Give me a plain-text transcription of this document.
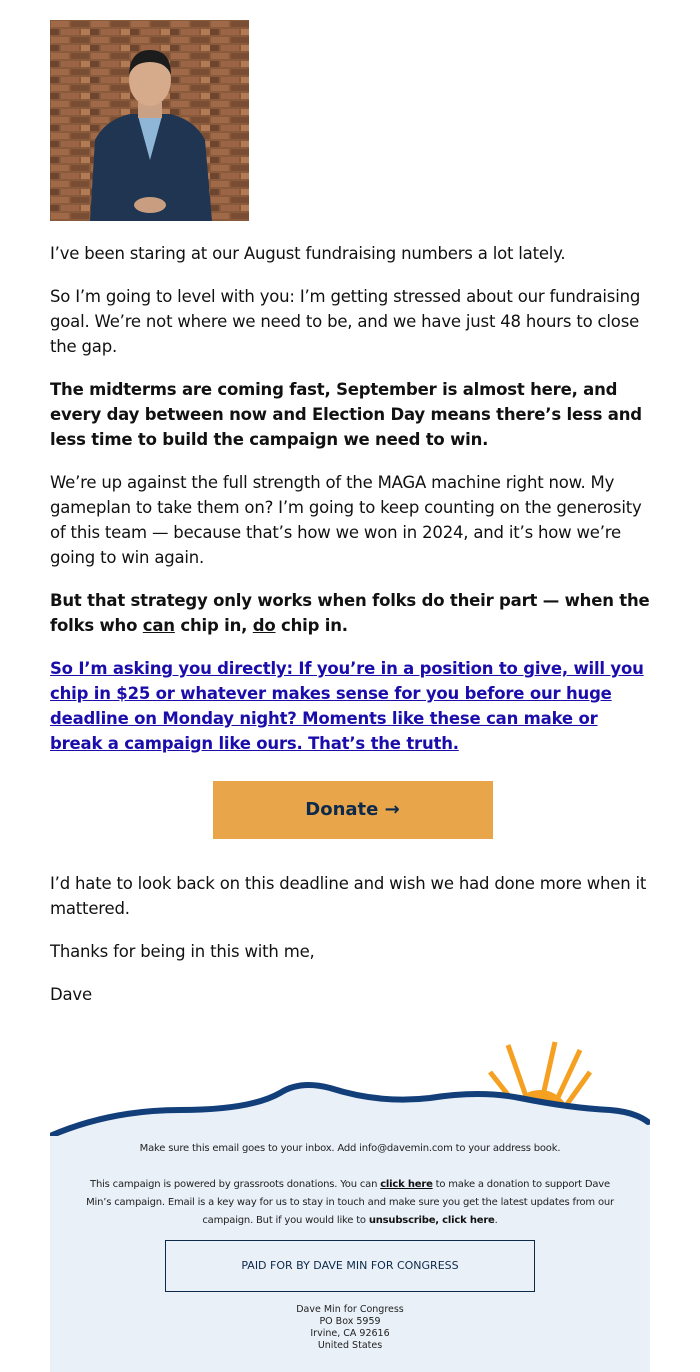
I’ve been staring at our August fundraising numbers a lot lately.

So I’m going to level with you: I’m getting stressed about our fundraising goal. We’re not where we need to be, and we have just 48 hours to close the gap.

The midterms are coming fast, September is almost here, and every day between now and Election Day means there’s less and less time to build the campaign we need to win.

We’re up against the full strength of the MAGA machine right now. My gameplan to take them on? I’m going to keep counting on the generosity of this team — because that’s how we won in 2024, and it’s how we’re going to win again.

But that strategy only works when folks do their part — when the folks who can chip in, do chip in.

So I’m asking you directly: If you’re in a position to give, will you chip in $25 or whatever makes sense for you before our huge deadline on Monday night? Moments like these can make or break a campaign like ours. That’s the truth.

Donate →

I’d hate to look back on this deadline and wish we had done more when it mattered.

Thanks for being in this with me,

Dave

Make sure this email goes to your inbox. Add info@davemin.com to your address book.

This campaign is powered by grassroots donations. You can click here to make a donation to support Dave Min’s campaign. Email is a key way for us to stay in touch and make sure you get the latest updates from our campaign. But if you would like to unsubscribe, click here.

PAID FOR BY DAVE MIN FOR CONGRESS
Dave Min for Congress
PO Box 5959
Irvine, CA 92616
United States
